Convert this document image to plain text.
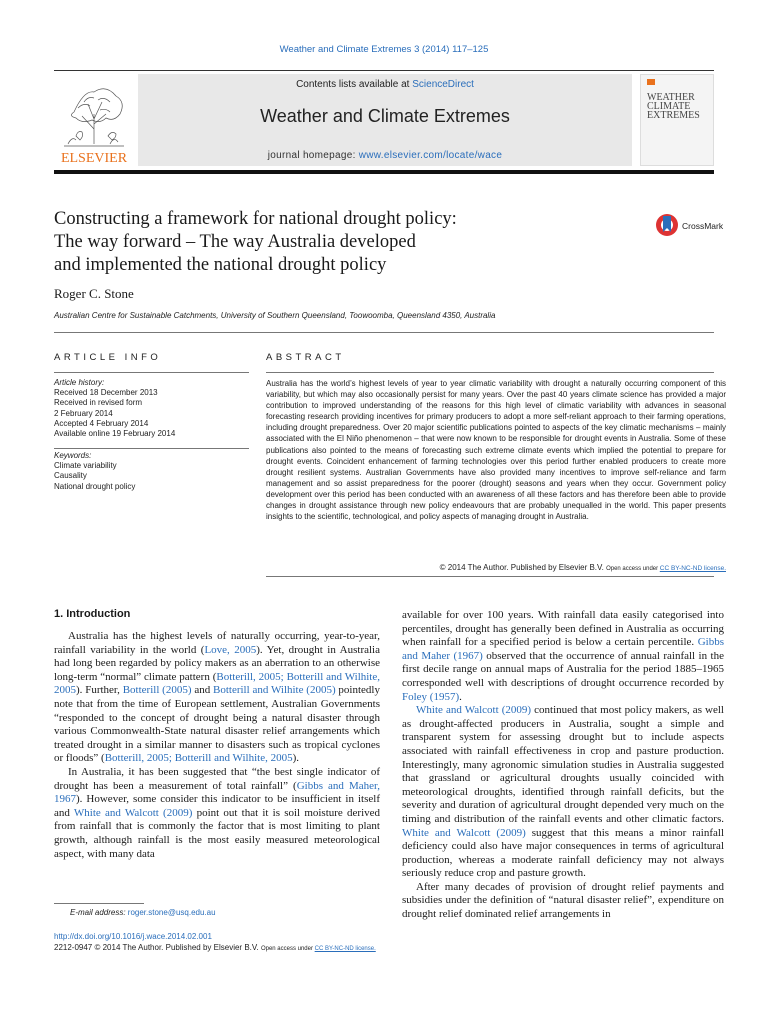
Weather and Climate Extremes 3 (2014) 117–125
ELSEVIER
Contents lists available at ScienceDirect
Weather and Climate Extremes
journal homepage: www.elsevier.com/locate/wace
WEATHER CLIMATE EXTREMES
Constructing a framework for national drought policy:
The way forward – The way Australia developed
and implemented the national drought policy
CrossMark
Roger C. Stone
Australian Centre for Sustainable Catchments, University of Southern Queensland, Toowoomba, Queensland 4350, Australia
ARTICLE INFO	ABSTRACT
Article history:
Received 18 December 2013
Received in revised form
2 February 2014
Accepted 4 February 2014
Available online 19 February 2014
Keywords:
Climate variability
Causality
National drought policy
Australia has the world’s highest levels of year to year climatic variability with drought a naturally occurring component of this variability, but which may also occasionally persist for many years. Over the past 40 years climate science has provided a major contribution to improved understanding of the reasons for this high level of climatic variability with advances in seasonal forecasting research providing incentives for primary producers to adopt a more self-reliant approach to their farming operations, including drought preparedness. Over 20 major scientific publications pointed to aspects of the key climatic mechanisms – mainly associated with the El Niño phenomenon – that were now known to be responsible for drought events in Australia. Some of these publications also pointed to the means of forecasting such extreme climate events which implied the potential to prepare for drought events. Coincident enhancement of farming technologies over this period further enabled producers to create more drought resilient systems. Australian Governments have also provided many incentives to improve self-reliance and farm management and so assist preparedness for the poorer (drought) seasons and years when they occur. Government policy development over this period has been conducted with an awareness of all these factors and has therefore been able to provide changes in drought assistance through new policy endeavours that are probably unequalled in the world. This paper presents insights to the scientific, technological, and policy aspects of managing drought in Australia.
© 2014 The Author. Published by Elsevier B.V. Open access under CC BY-NC-ND license.
1. Introduction

Australia has the highest levels of naturally occurring, year-to-year, rainfall variability in the world (Love, 2005). Yet, drought in Australia had long been regarded by policy makers as an aberration to an otherwise long-term “normal” climate pattern (Botterill, 2005; Botterill and Wilhite, 2005). Further, Botterill (2005) and Botterill and Wilhite (2005) pointedly note that from the time of European settlement, Australian Governments “responded to the concept of drought being a natural disaster through various Commonwealth-State natural disaster relief arrangements which treated drought in a similar manner to disasters such as tropical cyclones or floods” (Botterill, 2005; Botterill and Wilhite, 2005).

In Australia, it has been suggested that “the best single indicator of drought has been a measurement of total rainfall” (Gibbs and Maher, 1967). However, some consider this indicator to be insufficient in itself and White and Walcott (2009) point out that it is soil moisture derived from rainfall that is commonly the factor that is most limiting to plant growth, although rainfall is the most easily measured meteorological aspect, with many data

available for over 100 years. With rainfall data easily categorised into percentiles, drought has generally been defined in Australia as occurring when rainfall for a specified period is below a certain percentile. Gibbs and Maher (1967) observed that the occurrence of annual rainfall in the first decile range on annual maps of Australia for the period 1885–1965 corresponded well with descriptions of drought occurrence recorded by Foley (1957).

White and Walcott (2009) continued that most policy makers, as well as drought-affected producers in Australia, sought a simple and transparent system for assessing drought but to include aspects associated with rainfall effectiveness in crop and pasture production. Interestingly, many agronomic simulation studies in Australia suggested that grassland or agricultural droughts usually coincided with meteorological droughts, identified through rainfall deficits, but the severity and duration of agricultural drought depended very much on the timing and distribution of the rainfall events and other climatic factors. White and Walcott (2009) suggest that this means a minor rainfall deficiency could also have major consequences in terms of agricultural production, whereas a moderate rainfall deficiency may not always seriously reduce crop and pasture growth.

After many decades of provision of drought relief payments and subsidies under the definition of “natural disaster relief”, expenditure on drought relief dominated relief arrangements in

E-mail address: roger.stone@usq.edu.au
http://dx.doi.org/10.1016/j.wace.2014.02.001
2212-0947 © 2014 The Author. Published by Elsevier B.V. Open access under CC BY-NC-ND license.
